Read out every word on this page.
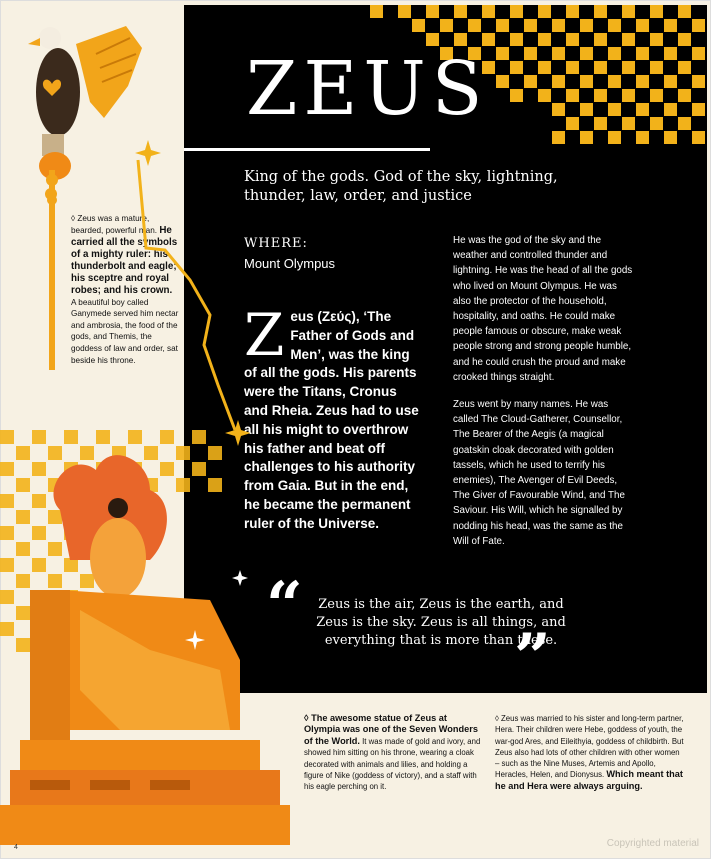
ZEUS
King of the gods. God of the sky, lightning, thunder, law, order, and justice
WHERE:
Mount Olympus
Zeus (Ζεύς), ‘The Father of Gods and Men’, was the king of all the gods. His parents were the Titans, Cronus and Rheia. Zeus had to use all his might to overthrow his father and beat off challenges to his authority from Gaia. But in the end, he became the permanent ruler of the Universe.

He was the god of the sky and the weather and controlled thunder and lightning. He was the head of all the gods who lived on Mount Olympus. He was also the protector of the household, hospitality, and oaths. He could make people famous or obscure, make weak people strong and strong people humble, and he could crush the proud and make crooked things straight.

Zeus went by many names. He was called The Cloud-Gatherer, Counsellor, The Bearer of the Aegis (a magical goatskin cloak decorated with golden tassels, which he used to terrify his enemies), The Avenger of Evil Deeds, The Giver of Favourable Wind, and The Saviour. His Will, which he signalled by nodding his head, was the same as the Will of Fate.

“	Zeus is the air, Zeus is the earth, and Zeus is the sky. Zeus is all things, and everything that is more than these.
”
◊ Zeus was a mature, bearded, powerful man. He carried all the symbols of a mighty ruler: his thunderbolt and eagle; his sceptre and royal robes; and his crown. A beautiful boy called Ganymede served him nectar and ambrosia, the food of the gods, and Themis, the goddess of law and order, sat beside his throne.
◊ The awesome statue of Zeus at Olympia was one of the Seven Wonders of the World. It was made of gold and ivory, and showed him sitting on his throne, wearing a cloak decorated with animals and lilies, and holding a figure of Nike (goddess of victory), and a staff with his eagle perching on it.
◊ Zeus was married to his sister and long-term partner, Hera. Their children were Hebe, goddess of youth, the war-god Ares, and Eileithyia, goddess of childbirth. But Zeus also had lots of other children with other women – such as the Nine Muses, Artemis and Apollo, Heracles, Helen, and Dionysus. Which meant that he and Hera were always arguing.
4	Copyrighted material
